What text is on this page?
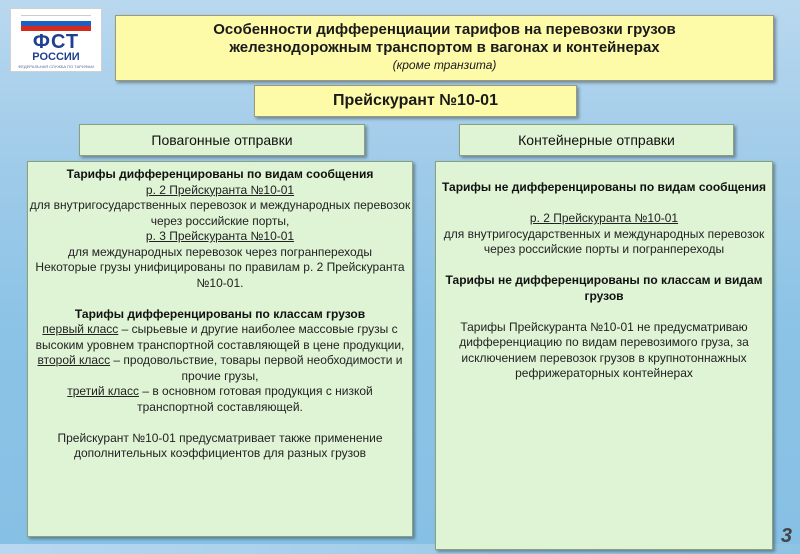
ФСТ
РОССИИ
ФЕДЕРАЛЬНАЯ СЛУЖБА ПО ТАРИФАМ
Особенности дифференциации тарифов на перевозки грузов
железнодорожным транспортом в вагонах и контейнерах
(кроме транзита)
Прейскурант №10-01
Повагонные отправки	Контейнерные отправки

Тарифы дифференцированы по видам сообщения

р. 2 Прейскуранта №10-01

для внутригосударственных перевозок и международных перевозок через российские порты,

р. 3 Прейскуранта №10-01

для международных перевозок через погранпереходы

Некоторые грузы унифицированы по правилам р. 2 Прейскуранта №10-01.

Тарифы дифференцированы по классам грузов

первый класс – сырьевые и другие наиболее массовые грузы с высоким уровнем транспортной составляющей в цене продукции,

второй класс – продовольствие, товары первой необходимости и прочие грузы,

третий класс – в основном готовая продукция с низкой транспортной составляющей.

Прейскурант №10-01 предусматривает также применение дополнительных коэффициентов для разных грузов

Тарифы не дифференцированы по видам сообщения

р. 2 Прейскуранта №10-01

для внутригосударственных и международных перевозок через российские порты и погранпереходы

Тарифы не дифференцированы по классам и видам грузов

Тарифы Прейскуранта №10-01 не предусматриваю дифференциацию по видам перевозимого груза, за исключением перевозок грузов в крупнотоннажных рефрижераторных контейнерах

3
